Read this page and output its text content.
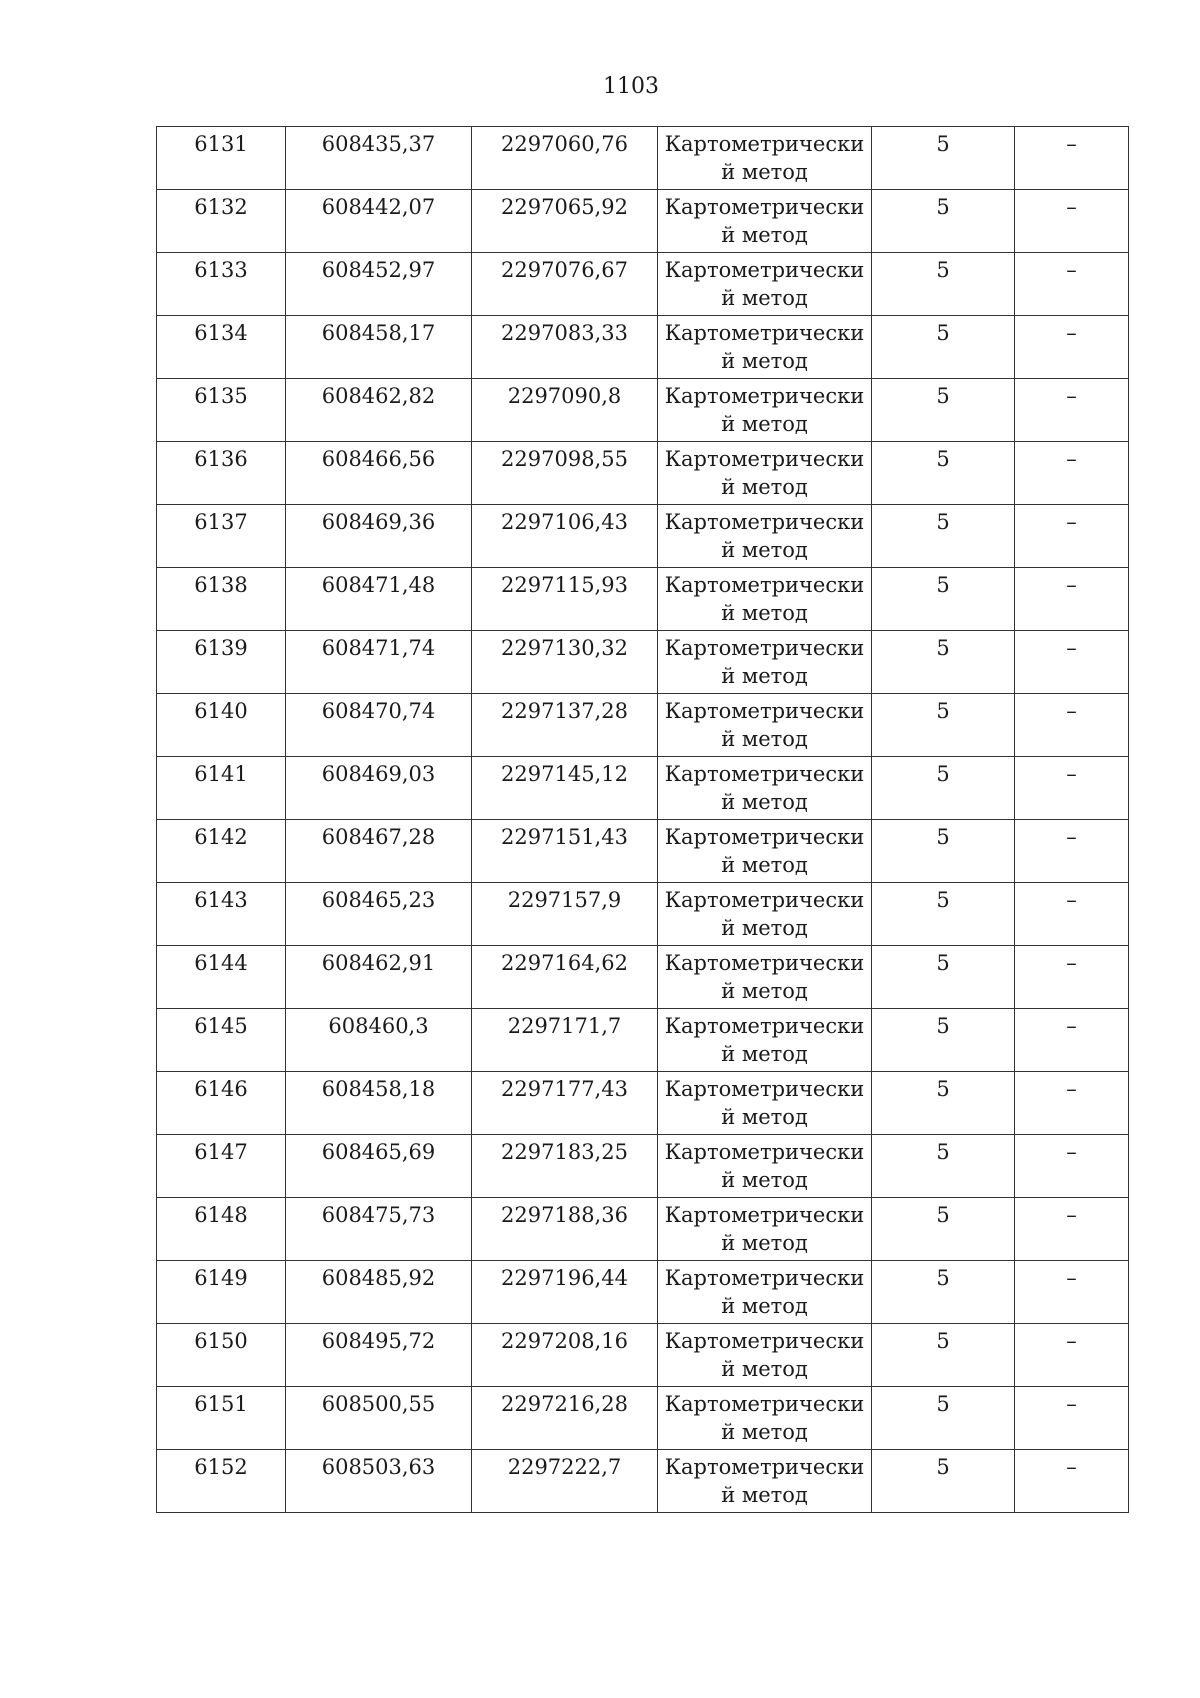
1103
6131	608435,37	2297060,76	Картометрически
й метод	5	–

6132	608442,07	2297065,92	Картометрически
й метод	5	–

6133	608452,97	2297076,67	Картометрически
й метод	5	–

6134	608458,17	2297083,33	Картометрически
й метод	5	–

6135	608462,82	2297090,8	Картометрически
й метод	5	–

6136	608466,56	2297098,55	Картометрически
й метод	5	–

6137	608469,36	2297106,43	Картометрически
й метод	5	–

6138	608471,48	2297115,93	Картометрически
й метод	5	–

6139	608471,74	2297130,32	Картометрически
й метод	5	–

6140	608470,74	2297137,28	Картометрически
й метод	5	–

6141	608469,03	2297145,12	Картометрически
й метод	5	–

6142	608467,28	2297151,43	Картометрически
й метод	5	–

6143	608465,23	2297157,9	Картометрически
й метод	5	–

6144	608462,91	2297164,62	Картометрически
й метод	5	–

6145	608460,3	2297171,7	Картометрически
й метод	5	–

6146	608458,18	2297177,43	Картометрически
й метод	5	–

6147	608465,69	2297183,25	Картометрически
й метод	5	–

6148	608475,73	2297188,36	Картометрически
й метод	5	–

6149	608485,92	2297196,44	Картометрически
й метод	5	–

6150	608495,72	2297208,16	Картометрически
й метод	5	–

6151	608500,55	2297216,28	Картометрически
й метод	5	–

6152	608503,63	2297222,7	Картометрически
й метод	5	–
